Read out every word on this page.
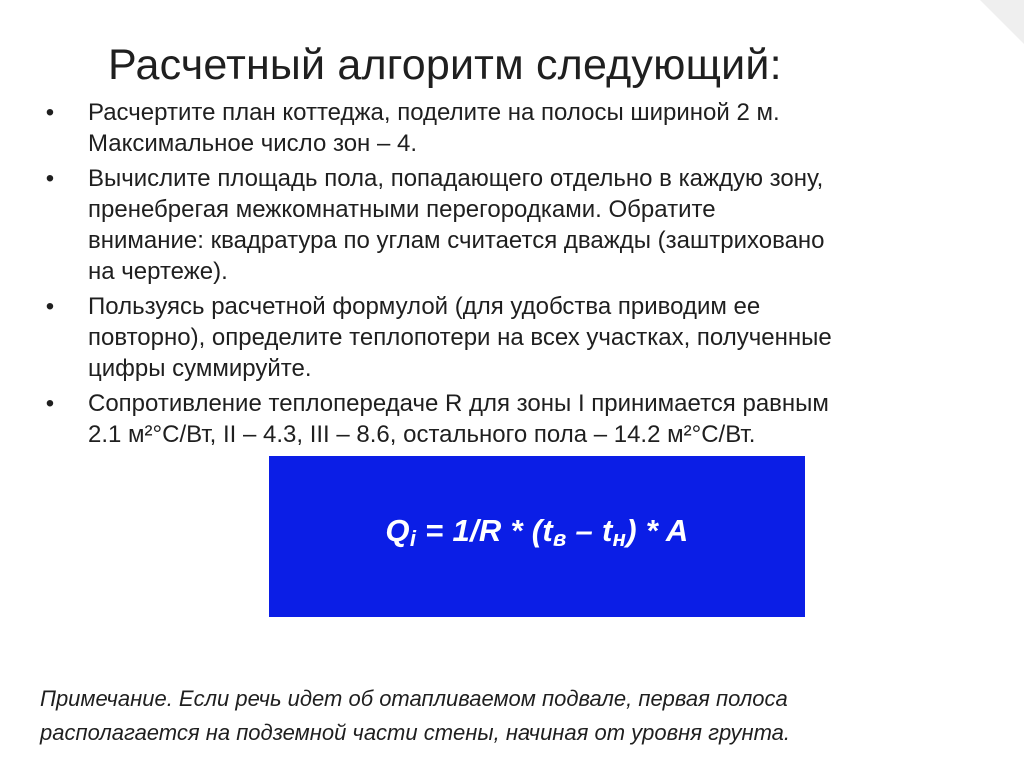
Расчетный алгоритм следующий:
• Расчертите план коттеджа, поделите на полосы шириной 2 м.
Максимальное число зон – 4.
• Вычислите площадь пола, попадающего отдельно в каждую зону,
пренебрегая межкомнатными перегородками. Обратите
внимание: квадратура по углам считается дважды (заштриховано
на чертеже).
• Пользуясь расчетной формулой (для удобства приводим ее
повторно), определите теплопотери на всех участках, полученные
цифры суммируйте.
• Сопротивление теплопередаче R для зоны I принимается равным
2.1 м²°С/Вт, II – 4.3, III – 8.6, остального пола – 14.2 м²°С/Вт.
Qi = 1/R * (tв – tн) * A
Примечание. Если речь идет об отапливаемом подвале, первая полоса
располагается на подземной части стены, начиная от уровня грунта.
